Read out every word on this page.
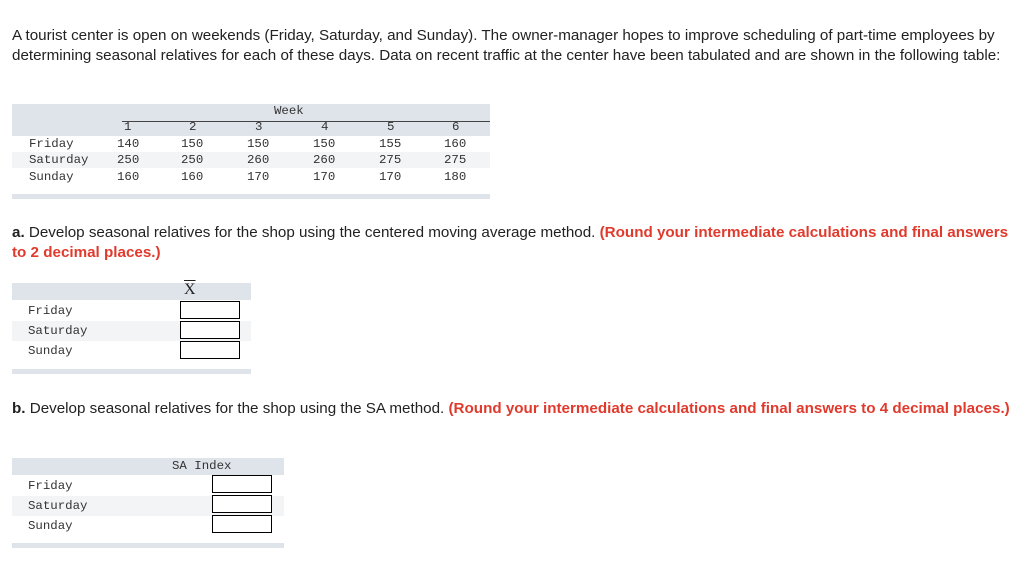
A tourist center is open on weekends (Friday, Saturday, and Sunday). The owner-manager hopes to improve scheduling of part-time employees by determining seasonal relatives for each of these days. Data on recent traffic at the center have been tabulated and are shown in the following table:

Week
1	2	3	4	5	6
Friday	140	150	150	150	155	160
Saturday 250	250	260	260	275	275
Sunday	160	160	170	170	170	180

a. Develop seasonal relatives for the shop using the centered moving average method. (Round your intermediate calculations and final answers to 2 decimal places.)

$\overline{X}$
Friday
Saturday
Sunday

b. Develop seasonal relatives for the shop using the SA method. (Round your intermediate calculations and final answers to 4 decimal places.)

SA Index
Friday
Saturday
Sunday
